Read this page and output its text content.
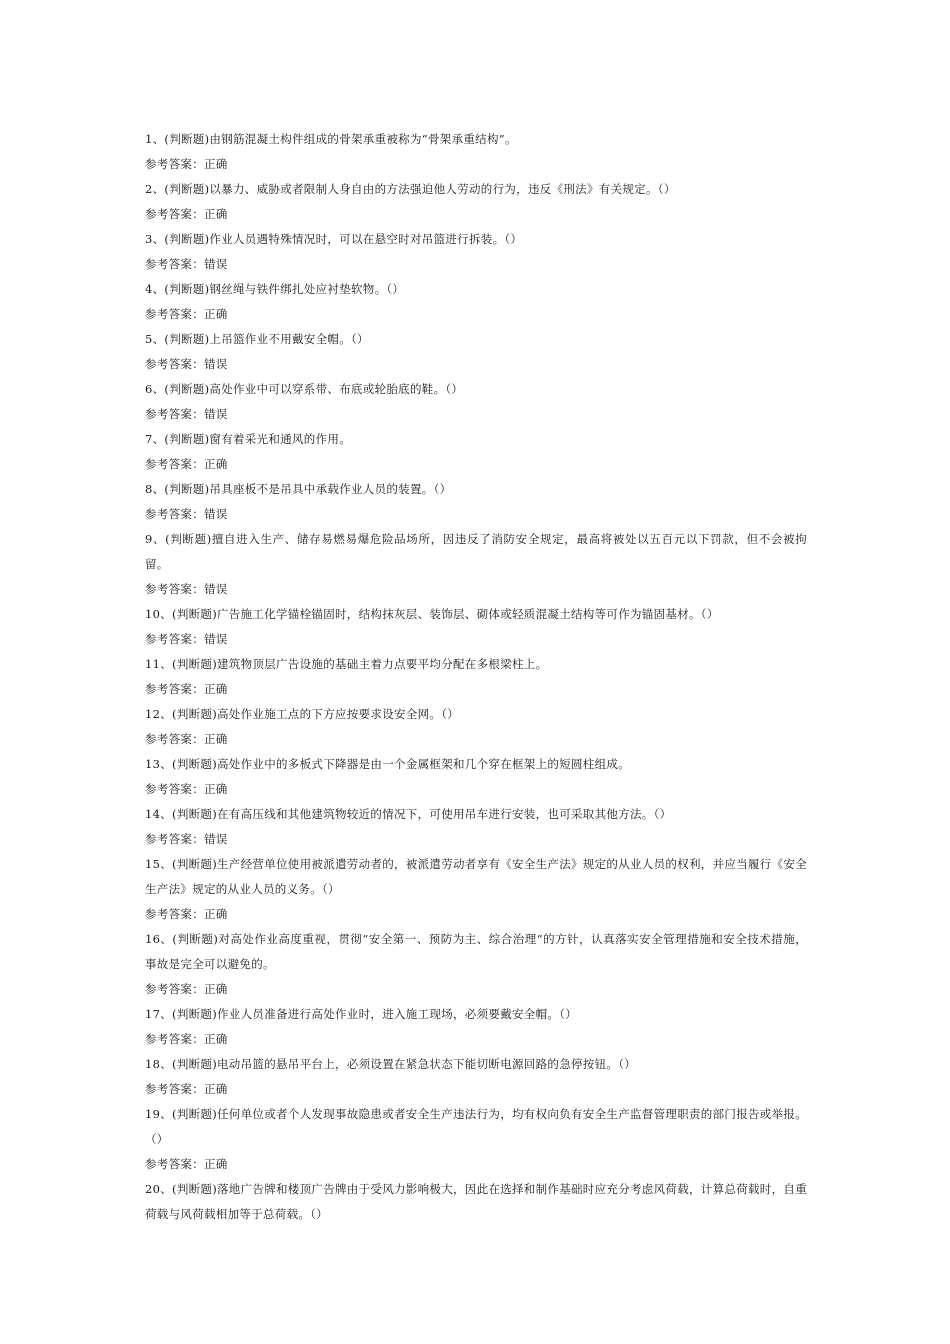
1、(判断题)由钢筋混凝土构件组成的骨架承重被称为“骨架承重结构”。

参考答案：正确

2、(判断题)以暴力、威胁或者限制人身自由的方法强迫他人劳动的行为，违反《刑法》有关规定。（）

参考答案：正确

3、(判断题)作业人员遇特殊情况时，可以在悬空时对吊篮进行拆装。（）

参考答案：错误

4、(判断题)钢丝绳与铁件绑扎处应衬垫软物。（）

参考答案：正确

5、(判断题)上吊篮作业不用戴安全帽。（）

参考答案：错误

6、(判断题)高处作业中可以穿系带、布底或轮胎底的鞋。（）

参考答案：错误

7、(判断题)窗有着采光和通风的作用。

参考答案：正确

8、(判断题)吊具座板不是吊具中承载作业人员的装置。（）

参考答案：错误

9、(判断题)擅自进入生产、储存易燃易爆危险品场所，因违反了消防安全规定，最高将被处以五百元以下罚款，但不会被拘留。

参考答案：错误

10、(判断题)广告施工化学锚栓锚固时，结构抹灰层、装饰层、砌体或轻质混凝土结构等可作为锚固基材。（）

参考答案：错误

11、(判断题)建筑物顶层广告设施的基础主着力点要平均分配在多根梁柱上。

参考答案：正确

12、(判断题)高处作业施工点的下方应按要求设安全网。（）

参考答案：正确

13、(判断题)高处作业中的多板式下降器是由一个金属框架和几个穿在框架上的短圆柱组成。

参考答案：正确

14、(判断题)在有高压线和其他建筑物较近的情况下，可使用吊车进行安装，也可采取其他方法。（）

参考答案：错误

15、(判断题)生产经营单位使用被派遣劳动者的，被派遣劳动者享有《安全生产法》规定的从业人员的权利，并应当履行《安全生产法》规定的从业人员的义务。（）

参考答案：正确

16、(判断题)对高处作业高度重视，贯彻“安全第一、预防为主、综合治理“的方针，认真落实安全管理措施和安全技术措施，事故是完全可以避免的。

参考答案：正确

17、(判断题)作业人员准备进行高处作业时，进入施工现场，必须要戴安全帽。（）

参考答案：正确

18、(判断题)电动吊篮的悬吊平台上，必须设置在紧急状态下能切断电源回路的急停按钮。（）

参考答案：正确

19、(判断题)任何单位或者个人发现事故隐患或者安全生产违法行为，均有权向负有安全生产监督管理职责的部门报告或举报。（）

参考答案：正确

20、(判断题)落地广告牌和楼顶广告牌由于受风力影响极大，因此在选择和制作基础时应充分考虑风荷载，计算总荷载时，自重荷载与风荷载相加等于总荷载。（）
